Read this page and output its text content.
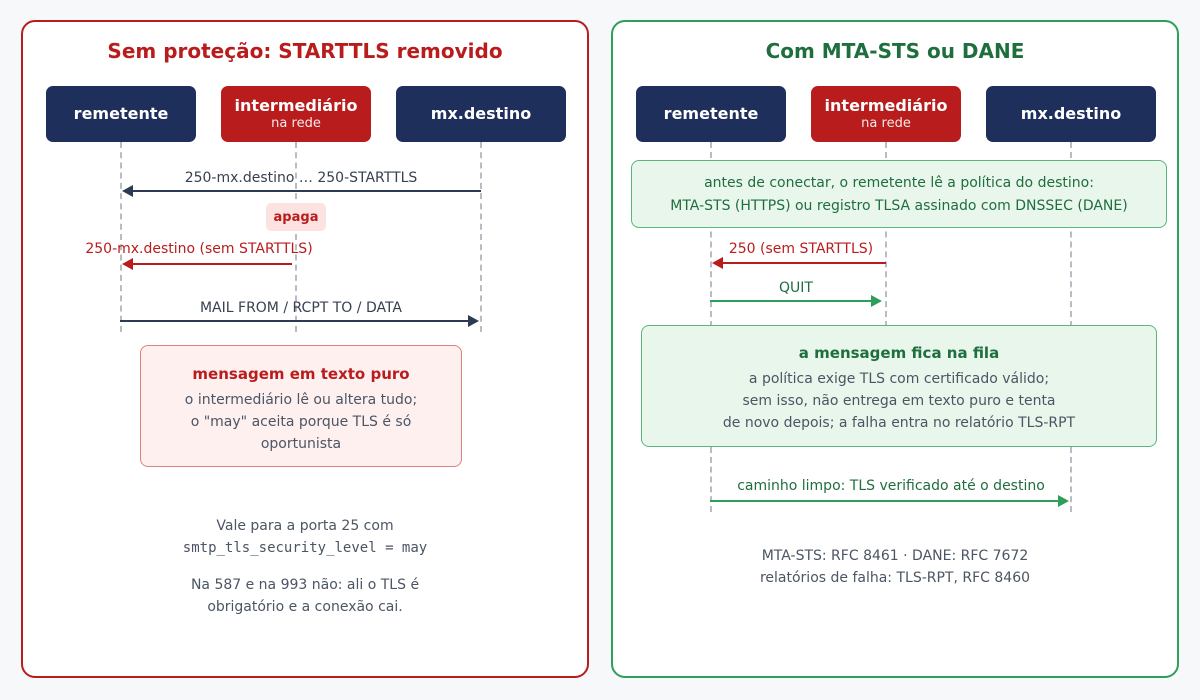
Sem proteção: STARTTLS removido
remetente	intermediário
na rede
mx.destino
250-mx.destino … 250-STARTTLS
apaga
250-mx.destino (sem STARTTLS)
MAIL FROM / RCPT TO / DATA
mensagem em texto puro
o intermediário lê ou altera tudo;
o "may" aceita porque TLS é só
oportunista
Vale para a porta 25 com
smtp_tls_security_level = may
Na 587 e na 993 não: ali o TLS é
obrigatório e a conexão cai.
Com MTA-STS ou DANE
remetente	intermediário
na rede
mx.destino
antes de conectar, o remetente lê a política do destino:
MTA-STS (HTTPS) ou registro TLSA assinado com DNSSEC (DANE)
250 (sem STARTTLS)
QUIT
a mensagem fica na fila
a política exige TLS com certificado válido;
sem isso, não entrega em texto puro e tenta
de novo depois; a falha entra no relatório TLS-RPT
caminho limpo: TLS verificado até o destino
MTA-STS: RFC 8461 · DANE: RFC 7672
relatórios de falha: TLS-RPT, RFC 8460
